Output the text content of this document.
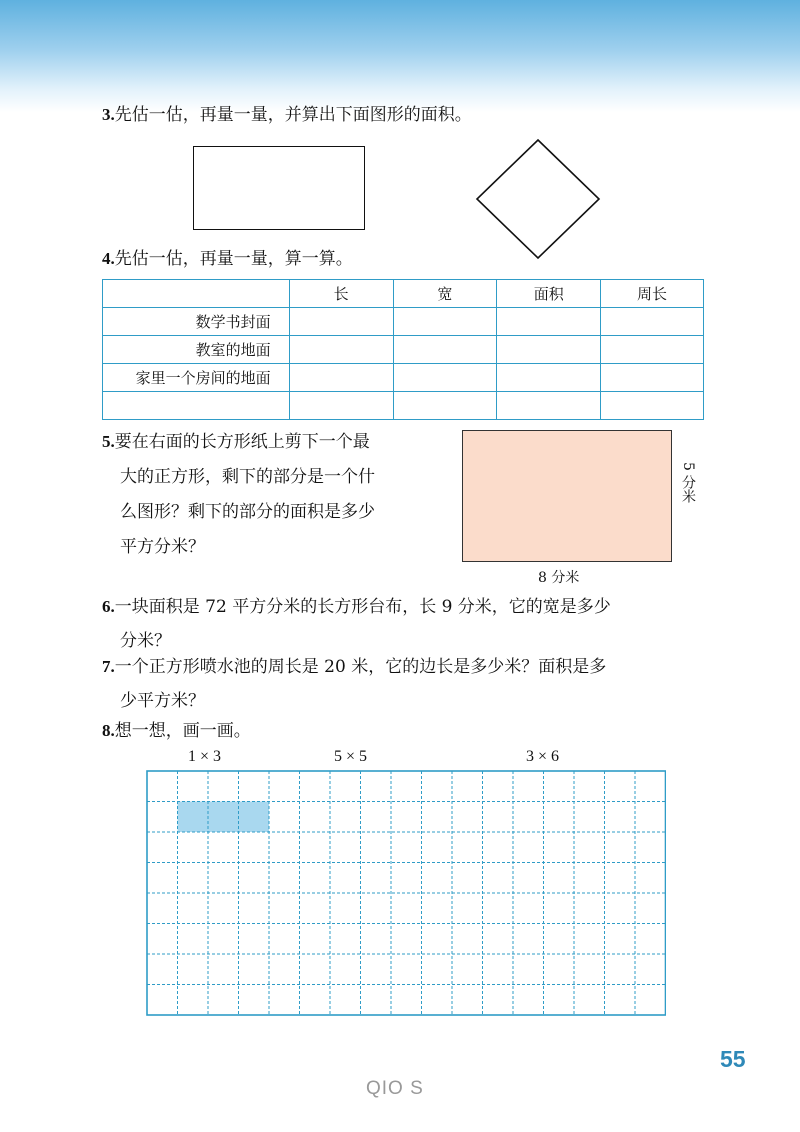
3.先估一估，再量一量，并算出下面图形的面积。
4.先估一估，再量一量，算一算。
	长	宽	面积	周长
数学书封面				
教室的地面				
家里一个房间的地面				

5.要在右面的长方形纸上剪下一个最
大的正方形，剩下的部分是一个什
么图形？剩下的部分的面积是多少
平方分米？
8 分米
5 分米
6.一块面积是 72 平方分米的长方形台布，长 9 分米，它的宽是多少
分米？
7.一个正方形喷水池的周长是 20 米，它的边长是多少米？面积是多
少平方米？
8.想一想，画一画。
1 × 3	5 × 5	3 × 6
55
QIO S
